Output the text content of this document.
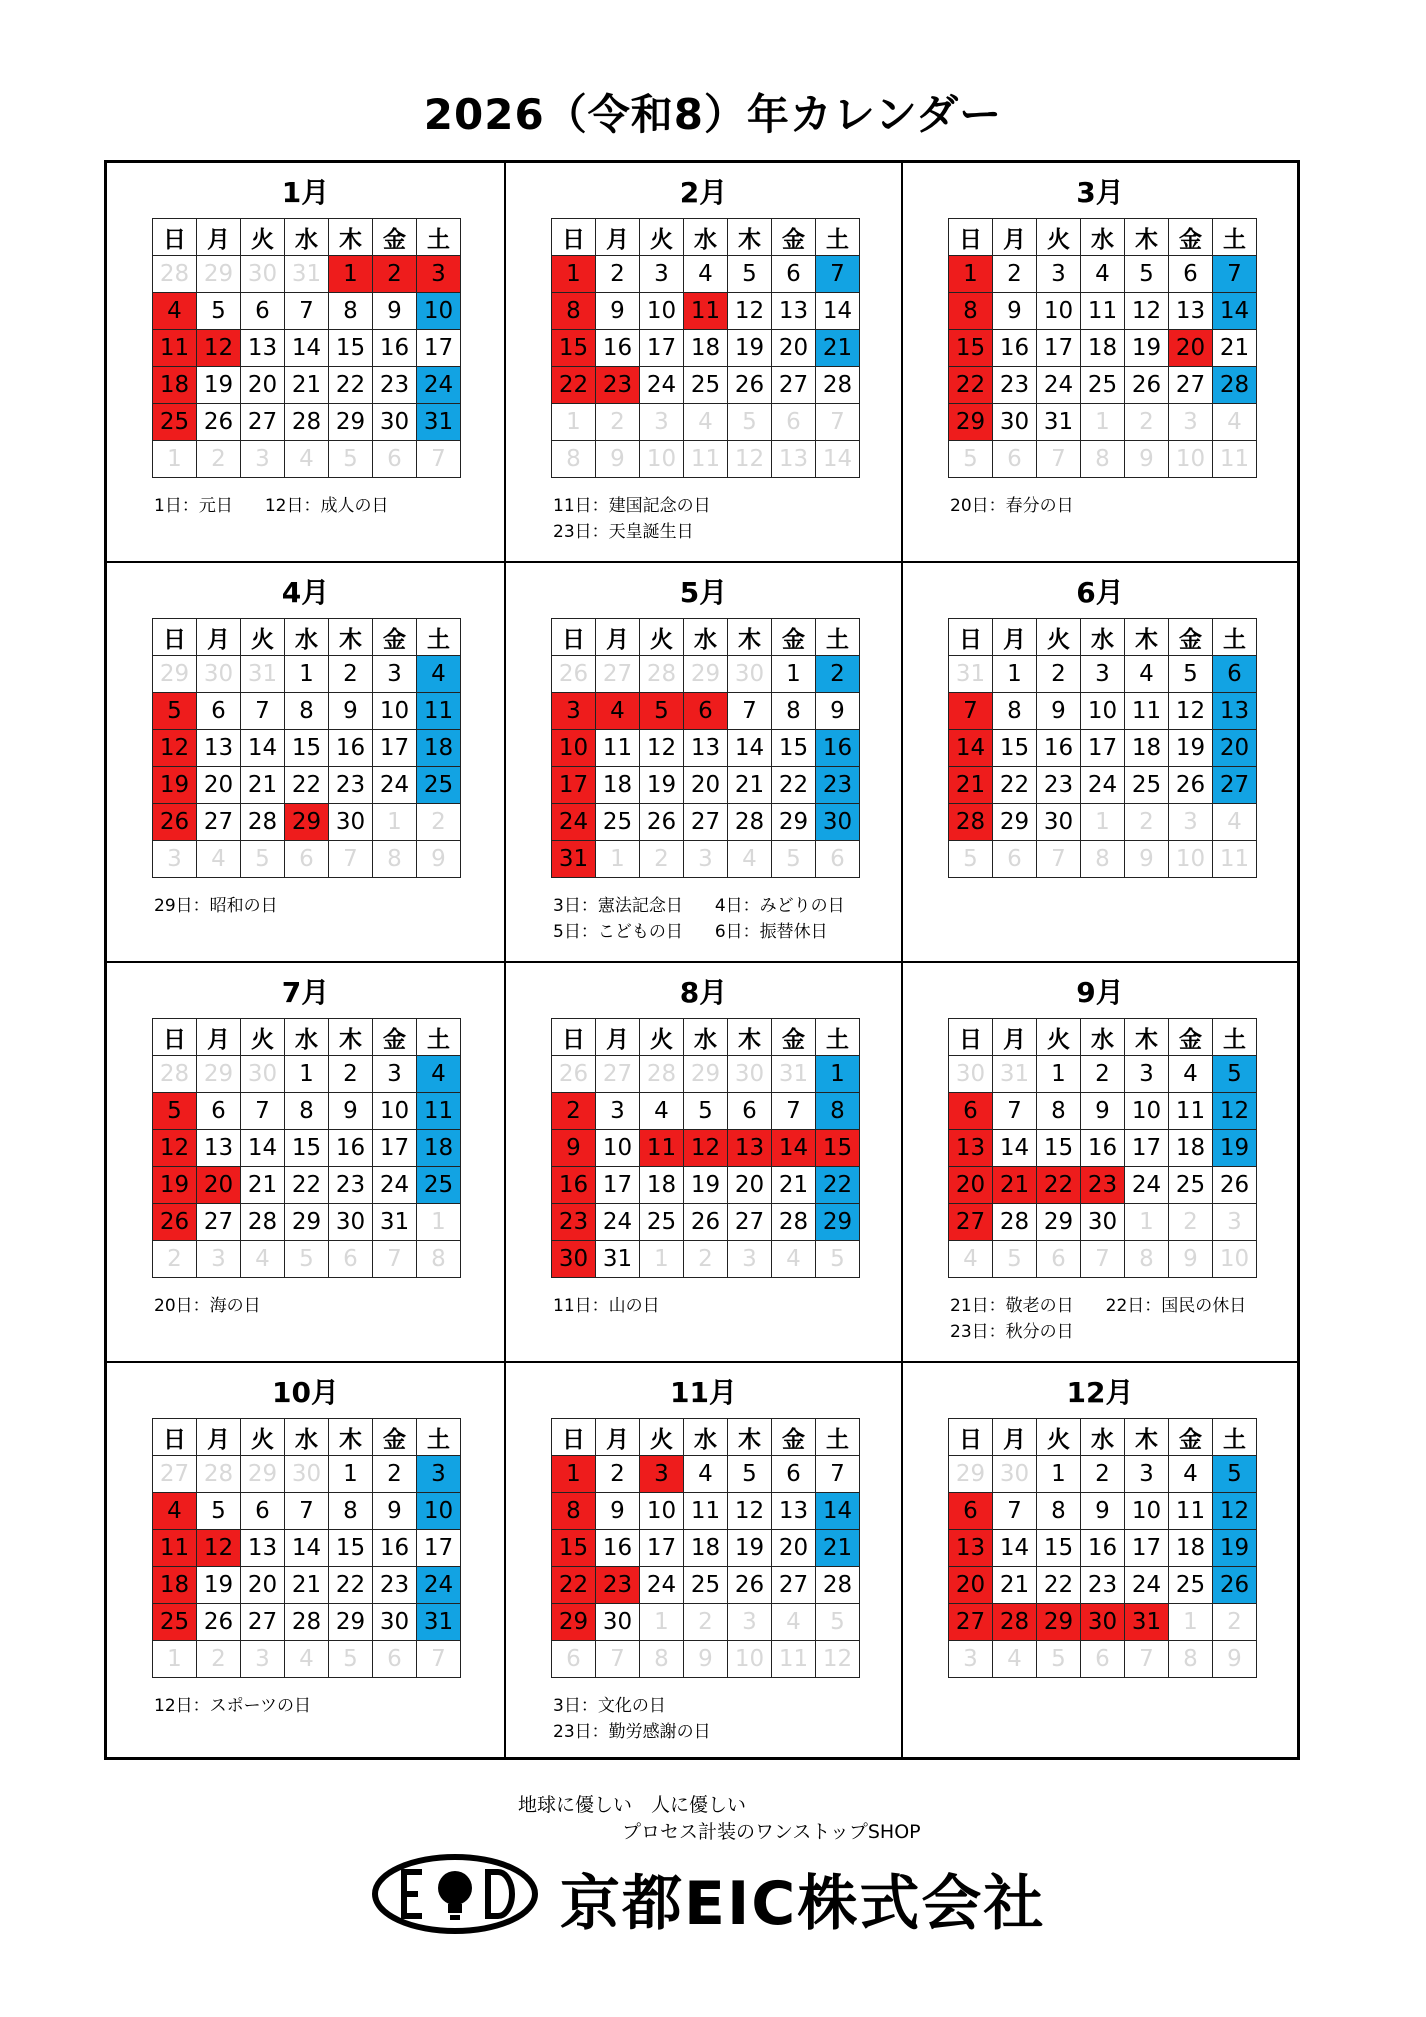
2026（令和8）年カレンダー
1月
日	月	火	水	木	金	土
28	29	30	31	1	2	3
4	5	6	7	8	9	10
11	12	13	14	15	16	17
18	19	20	21	22	23	24
25	26	27	28	29	30	31
1	2	3	4	5	6	7
1日：元日 12日：成人の日
2月
日	月	火	水	木	金	土
1	2	3	4	5	6	7
8	9	10	11	12	13	14
15	16	17	18	19	20	21
22	23	24	25	26	27	28
1	2	3	4	5	6	7
8	9	10	11	12	13	14
11日：建国記念の日
23日：天皇誕生日
3月
日	月	火	水	木	金	土
1	2	3	4	5	6	7
8	9	10	11	12	13	14
15	16	17	18	19	20	21
22	23	24	25	26	27	28
29	30	31	1	2	3	4
5	6	7	8	9	10	11
20日：春分の日
4月
日	月	火	水	木	金	土
29	30	31	1	2	3	4
5	6	7	8	9	10	11
12	13	14	15	16	17	18
19	20	21	22	23	24	25
26	27	28	29	30	1	2
3	4	5	6	7	8	9
29日：昭和の日
5月
日	月	火	水	木	金	土
26	27	28	29	30	1	2
3	4	5	6	7	8	9
10	11	12	13	14	15	16
17	18	19	20	21	22	23
24	25	26	27	28	29	30
31	1	2	3	4	5	6
3日：憲法記念日 4日：みどりの日
5日：こどもの日 6日：振替休日
6月
日	月	火	水	木	金	土
31	1	2	3	4	5	6
7	8	9	10	11	12	13
14	15	16	17	18	19	20
21	22	23	24	25	26	27
28	29	30	1	2	3	4
5	6	7	8	9	10	11
7月
日	月	火	水	木	金	土
28	29	30	1	2	3	4
5	6	7	8	9	10	11
12	13	14	15	16	17	18
19	20	21	22	23	24	25
26	27	28	29	30	31	1
2	3	4	5	6	7	8
20日：海の日
8月
日	月	火	水	木	金	土
26	27	28	29	30	31	1
2	3	4	5	6	7	8
9	10	11	12	13	14	15
16	17	18	19	20	21	22
23	24	25	26	27	28	29
30	31	1	2	3	4	5
11日：山の日
9月
日	月	火	水	木	金	土
30	31	1	2	3	4	5
6	7	8	9	10	11	12
13	14	15	16	17	18	19
20	21	22	23	24	25	26
27	28	29	30	1	2	3
4	5	6	7	8	9	10
21日：敬老の日 22日：国民の休日
23日：秋分の日
10月
日	月	火	水	木	金	土
27	28	29	30	1	2	3
4	5	6	7	8	9	10
11	12	13	14	15	16	17
18	19	20	21	22	23	24
25	26	27	28	29	30	31
1	2	3	4	5	6	7
12日：スポーツの日
11月
日	月	火	水	木	金	土
1	2	3	4	5	6	7
8	9	10	11	12	13	14
15	16	17	18	19	20	21
22	23	24	25	26	27	28
29	30	1	2	3	4	5
6	7	8	9	10	11	12
3日：文化の日23日：勤労感謝の日
12月
日	月	火	水	木	金	土
29	30	1	2	3	4	5
6	7	8	9	10	11	12
13	14	15	16	17	18	19
20	21	22	23	24	25	26
27	28	29	30	31	1	2
3	4	5	6	7	8	9
地球に優しい　人に優しい
プロセス計装のワンストップSHOP
京都EIC株式会社
